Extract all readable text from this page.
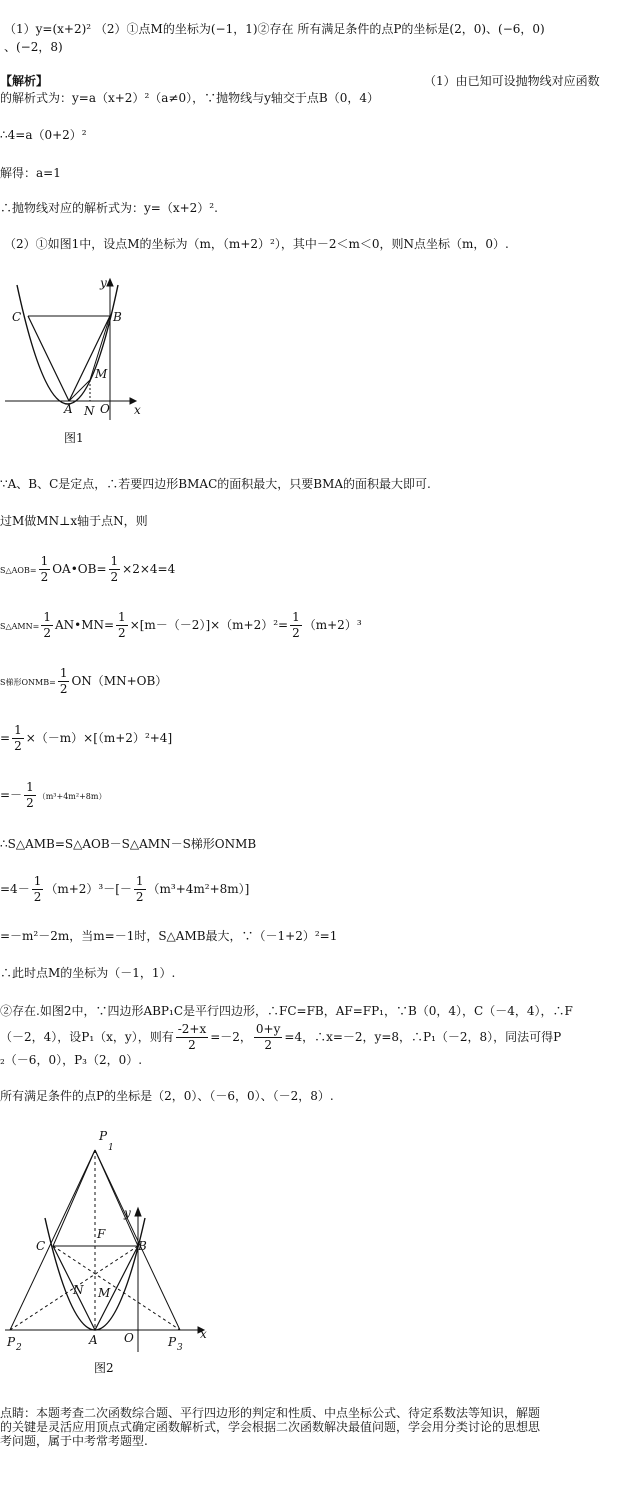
（1）y=(x+2)² （2）①点M的坐标为(−1，1)②存在 所有满足条件的点P的坐标是(2，0)、(−6，0)
、(−2，8)
【解析】	（1）由已知可设抛物线对应函数
的解析式为：y=a（x+2）²（a≠0），∵抛物线与y轴交于点B（0，4）
∴4=a（0+2）²
解得：a=1
∴抛物线对应的解析式为：y=（x+2）².
（2）①如图1中，设点M的坐标为（m，（m+2）²），其中－2＜m＜0，则N点坐标（m，0）.
C	B
M
A N O x
y
图1
∵A、B、C是定点，∴若要四边形BMAC的面积最大，只要BMA的面积最大即可.
过M做MN⊥x轴于点N，则
S△AOB= $\frac{1}{2}$ OA•OB= $\frac{1}{2} \times 2\times 4=4$
S△AMN= $\frac{1}{2}$ AN•MN= $\frac{1}{2} \times[m-(-2)]\times(m+2)^2= \frac{1}{2} (m+2)^3$
S梯形ONMB= $\frac{1}{2} ON(MN+OB)$
= $\frac{1}{2} \times(-m)\times[(m+2)^2+4]$
=－ $\frac{1}{2} (m^3+4m^2+8m)$
∴S△AMB=S△AOB－S△AMN－S梯形ONMB
$=4- \frac{1}{2} (m+2)^3-[- \frac{1}{2} (m^3+4m^2+8m)]$
=－m²－2m，当m=－1时，S△AMB最大，∵（－1+2）²=1
∴此时点M的坐标为（－1，1）.
②存在.如图2中，∵四边形ABP₁C是平行四边形，∴FC=FB，AF=FP₁，∵B（0，4），C（－4，4），∴F
（－2，4），设P₁（x，y），则有 $\frac{-2+x}{2} =-2$， $\frac{0+y}{2} =4$，∴x=－2，y=8，∴P₁（－2，8），同法可得P
₂（－6，0），P₃（2，0）.
所有满足条件的点P的坐标是（2，0）、（－6，0）、（－2，8）.
P
1
F
C	B
y
N M
P 2
A O	P 3
x
图2
点睛：本题考查二次函数综合题、平行四边形的判定和性质、中点坐标公式、待定系数法等知识，解题
的关键是灵活应用顶点式确定函数解析式，学会根据二次函数解决最值问题，学会用分类讨论的思想思
考问题，属于中考常考题型.
